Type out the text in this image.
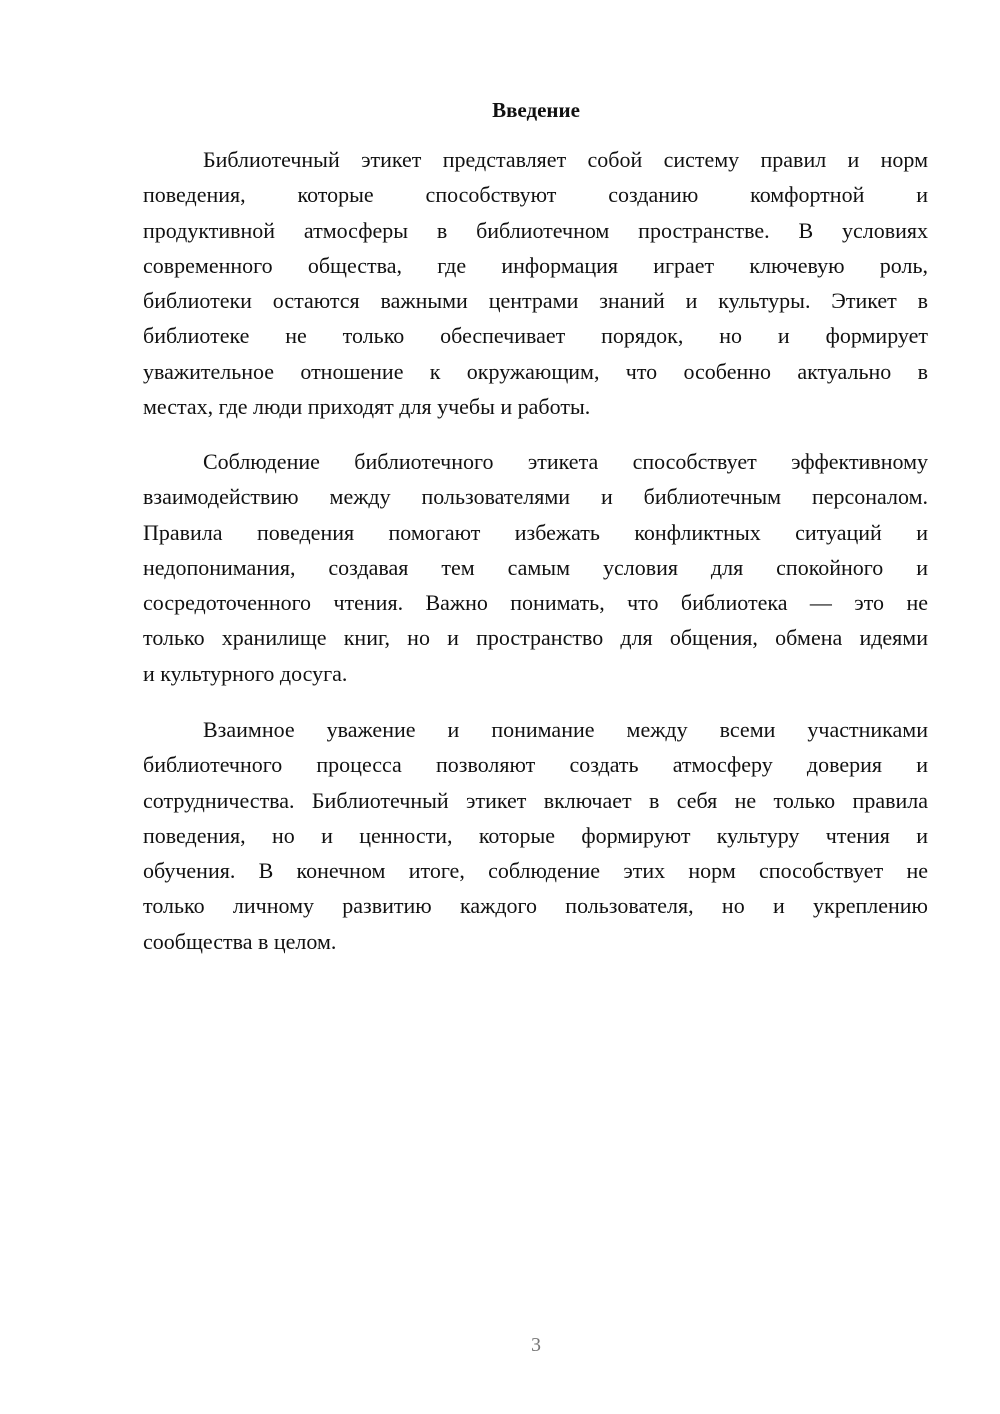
Введение
Библиотечный этикет представляет собой систему правил и норм
поведения, которые способствуют созданию комфортной и
продуктивной атмосферы в библиотечном пространстве. В условиях
современного общества, где информация играет ключевую роль,
библиотеки остаются важными центрами знаний и культуры. Этикет в
библиотеке не только обеспечивает порядок, но и формирует
уважительное отношение к окружающим, что особенно актуально в
местах, где люди приходят для учебы и работы.
Соблюдение библиотечного этикета способствует эффективному
взаимодействию между пользователями и библиотечным персоналом.
Правила поведения помогают избежать конфликтных ситуаций и
недопонимания, создавая тем самым условия для спокойного и
сосредоточенного чтения. Важно понимать, что библиотека — это не
только хранилище книг, но и пространство для общения, обмена идеями
и культурного досуга.
Взаимное уважение и понимание между всеми участниками
библиотечного процесса позволяют создать атмосферу доверия и
сотрудничества. Библиотечный этикет включает в себя не только правила
поведения, но и ценности, которые формируют культуру чтения и
обучения. В конечном итоге, соблюдение этих норм способствует не
только личному развитию каждого пользователя, но и укреплению
сообщества в целом.
3
